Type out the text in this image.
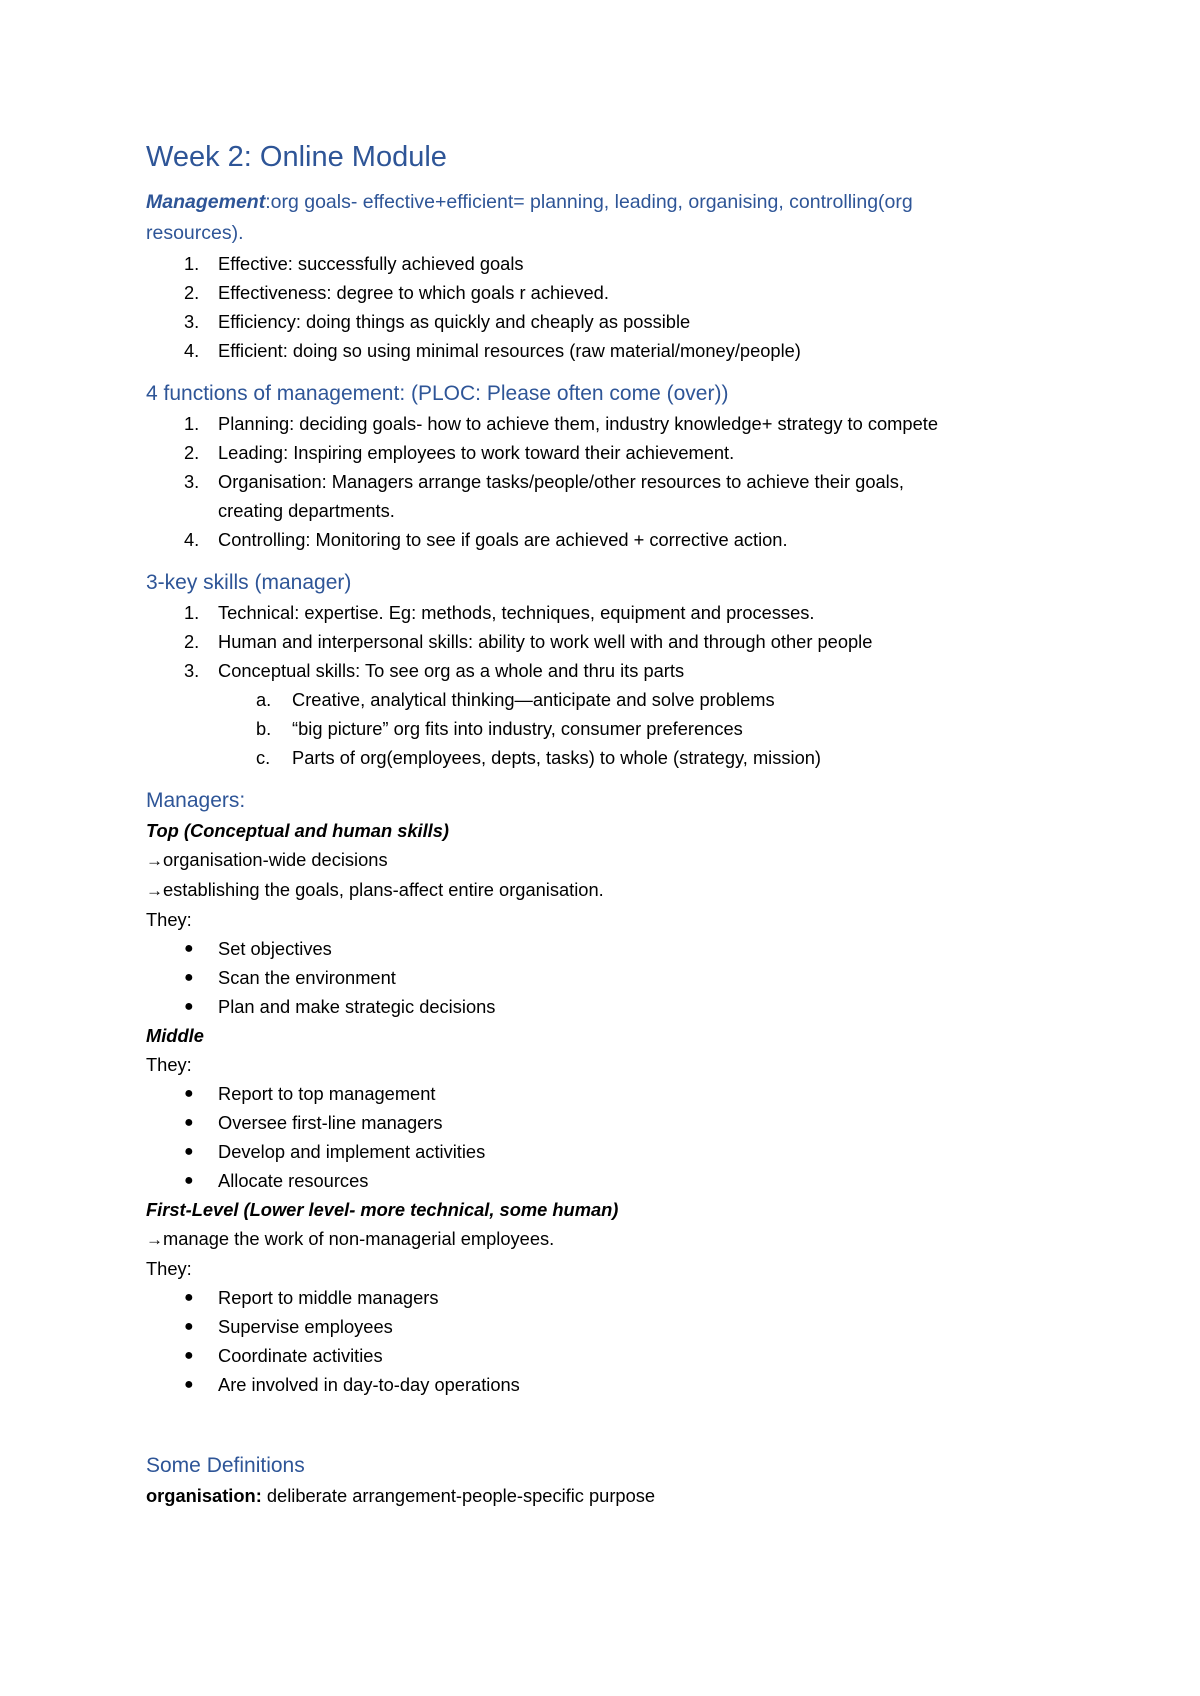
Week 2: Online Module
Management:org goals- effective+efficient= planning, leading, organising, controlling(org
resources).
1. Effective: successfully achieved goals
2. Effectiveness: degree to which goals r achieved.
3. Efficiency: doing things as quickly and cheaply as possible
4. Efficient: doing so using minimal resources (raw material/money/people)
4 functions of management: (PLOC: Please often come (over))
1. Planning: deciding goals- how to achieve them, industry knowledge+ strategy to compete
2. Leading: Inspiring employees to work toward their achievement.
3. Organisation: Managers arrange tasks/people/other resources to achieve their goals,
creating departments.
4. Controlling: Monitoring to see if goals are achieved + corrective action.
3-key skills (manager)
1. Technical: expertise. Eg: methods, techniques, equipment and processes.
2. Human and interpersonal skills: ability to work well with and through other people
3. Conceptual skills: To see org as a whole and thru its parts
a. Creative, analytical thinking—anticipate and solve problems
b. “big picture” org fits into industry, consumer preferences
c. Parts of org(employees, depts, tasks) to whole (strategy, mission)
Managers:
Top (Conceptual and human skills)
→organisation-wide decisions
→establishing the goals, plans-affect entire organisation.
They:
● Set objectives
● Scan the environment
● Plan and make strategic decisions
Middle
They:
● Report to top management
● Oversee first-line managers
● Develop and implement activities
● Allocate resources
First-Level (Lower level- more technical, some human)
→manage the work of non-managerial employees.
They:
● Report to middle managers
● Supervise employees
● Coordinate activities
● Are involved in day-to-day operations
Some Definitions
organisation: deliberate arrangement-people-specific purpose
